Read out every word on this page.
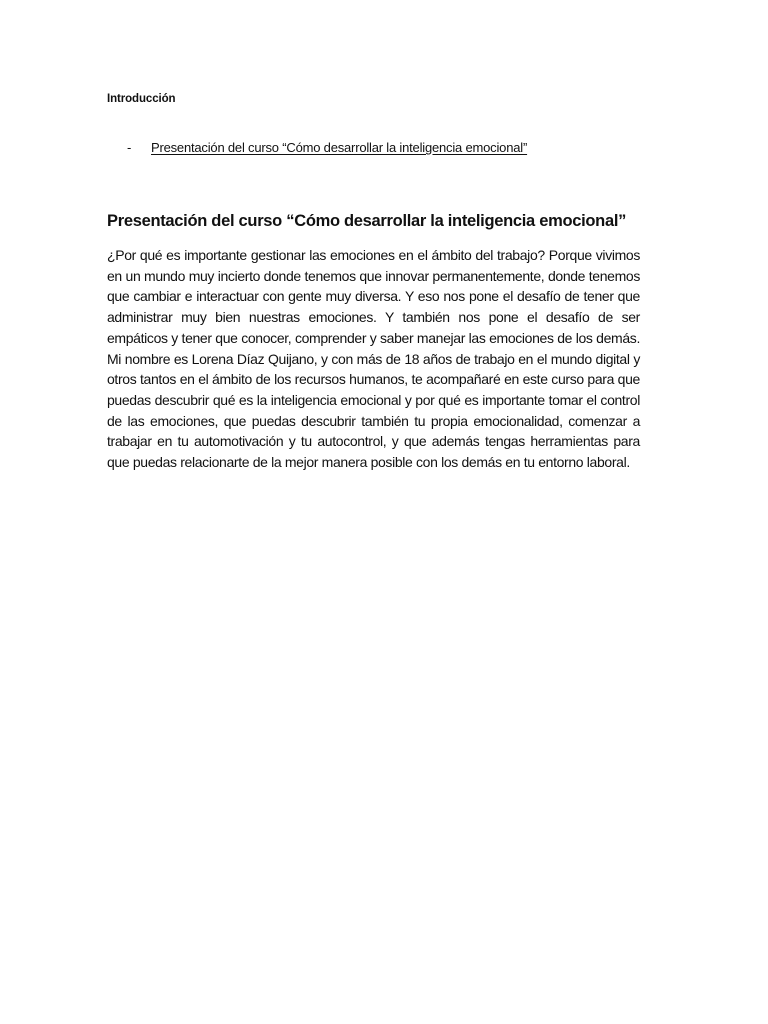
Introducción
-	Presentación del curso “Cómo desarrollar la inteligencia emocional”
Presentación del curso “Cómo desarrollar la inteligencia emocional”

¿Por qué es importante gestionar las emociones en el ámbito del trabajo? Porque vivimos en un mundo muy incierto donde tenemos que innovar permanentemente, donde tenemos que cambiar e interactuar con gente muy diversa. Y eso nos pone el desafío de tener que administrar muy bien nuestras emociones. Y también nos pone el desafío de ser empáticos y tener que conocer, comprender y saber manejar las emociones de los demás. Mi nombre es Lorena Díaz Quijano, y con más de 18 años de trabajo en el mundo digital y otros tantos en el ámbito de los recursos humanos, te acompañaré en este curso para que puedas descubrir qué es la inteligencia emocional y por qué es importante tomar el control de las emociones, que puedas descubrir también tu propia emocionalidad, comenzar a trabajar en tu automotivación y tu autocontrol, y que además tengas herramientas para que puedas relacionarte de la mejor manera posible con los demás en tu entorno laboral.
